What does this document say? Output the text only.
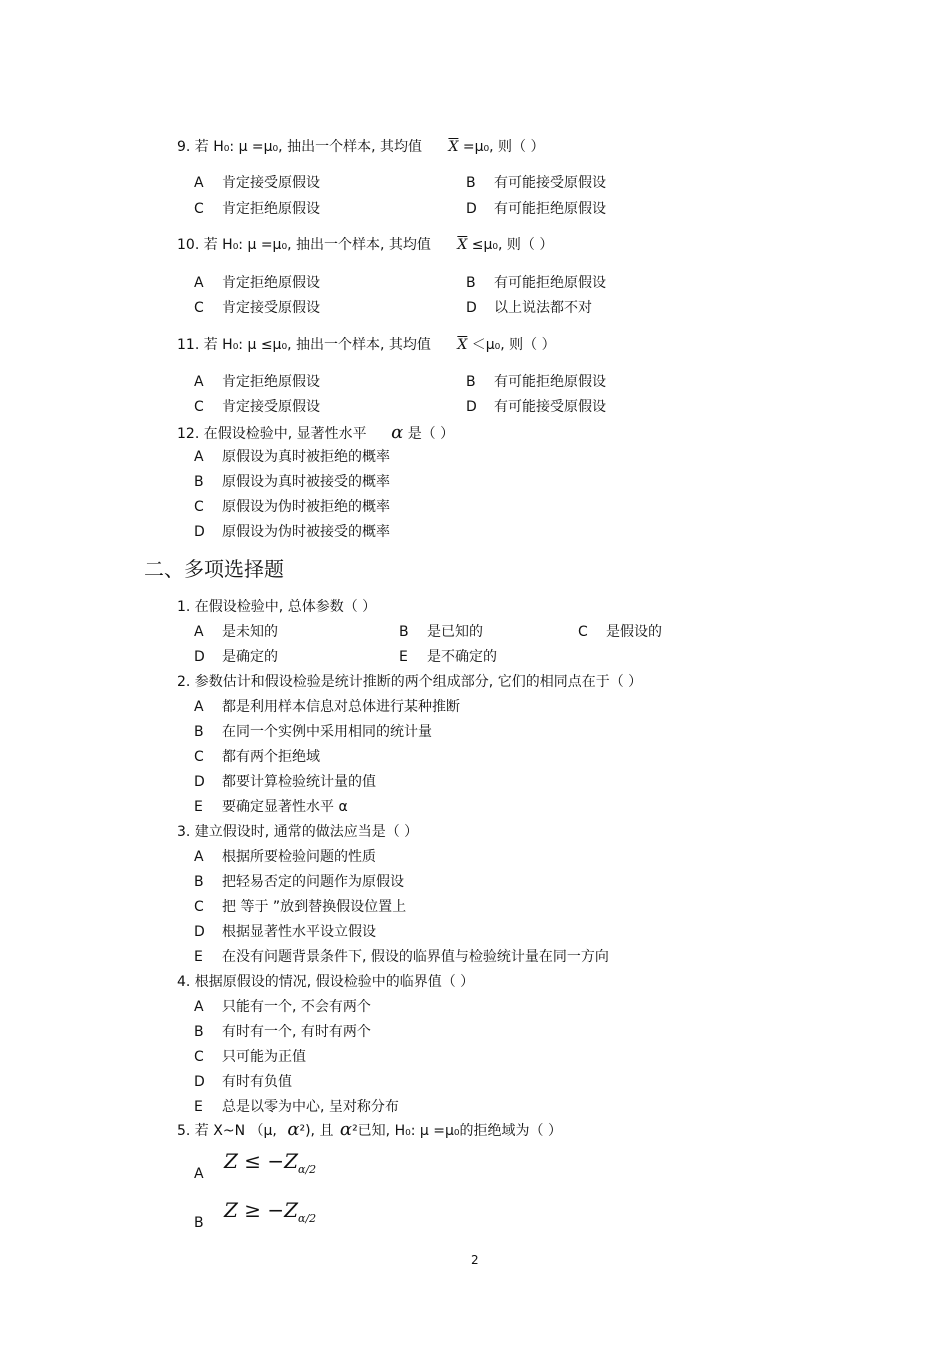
9. 若 H₀: μ =μ₀, 抽出一个样本, 其均值 $\overline{X} =\mu_0$, 则（ ）
A 肯定接受原假设	B 有可能接受原假设
C 肯定拒绝原假设	D 有可能拒绝原假设
10. 若 H₀: μ =μ₀, 抽出一个样本, 其均值 $\overline{X} \le\mu_0$, 则（ ）
A 肯定拒绝原假设	B 有可能拒绝原假设
C 肯定接受原假设	D 以上说法都不对
11. 若 H₀: μ ≤μ₀, 抽出一个样本, 其均值 $\overline{X} <\mu_0$, 则（ ）
A 肯定拒绝原假设	B 有可能拒绝原假设
C 肯定接受原假设	D 有可能接受原假设
12. 在假设检验中, 显著性水平 α 是（ ）
A 原假设为真时被拒绝的概率
B 原假设为真时被接受的概率
C 原假设为伪时被拒绝的概率
D 原假设为伪时被接受的概率
二、多项选择题
1. 在假设检验中, 总体参数（ ）
A 是未知的	B 是已知的	C 是假设的
D 是确定的	E 是不确定的
2. 参数估计和假设检验是统计推断的两个组成部分, 它们的相同点在于（ ）
A 都是利用样本信息对总体进行某种推断
B 在同一个实例中采用相同的统计量
C 都有两个拒绝域
D 都要计算检验统计量的值
E 要确定显著性水平 α
3. 建立假设时, 通常的做法应当是（ ）
A 根据所要检验问题的性质
B 把轻易否定的问题作为原假设
C 把 等于 ”放到替换假设位置上
D 根据显著性水平设立假设
E 在没有问题背景条件下, 假设的临界值与检验统计量在同一方向
4. 根据原假设的情况, 假设检验中的临界值（ ）
A 只能有一个, 不会有两个
B 有时有一个, 有时有两个
C 只可能为正值
D 有时有负值
E 总是以零为中心, 呈对称分布
5. 若 X~N （μ, α²), 且 α²已知, H₀: μ =μ₀的拒绝域为（ ）
A
$Z \le -Z_{\alpha/2}$
B
$Z \ge -Z_{\alpha/2}$
2
